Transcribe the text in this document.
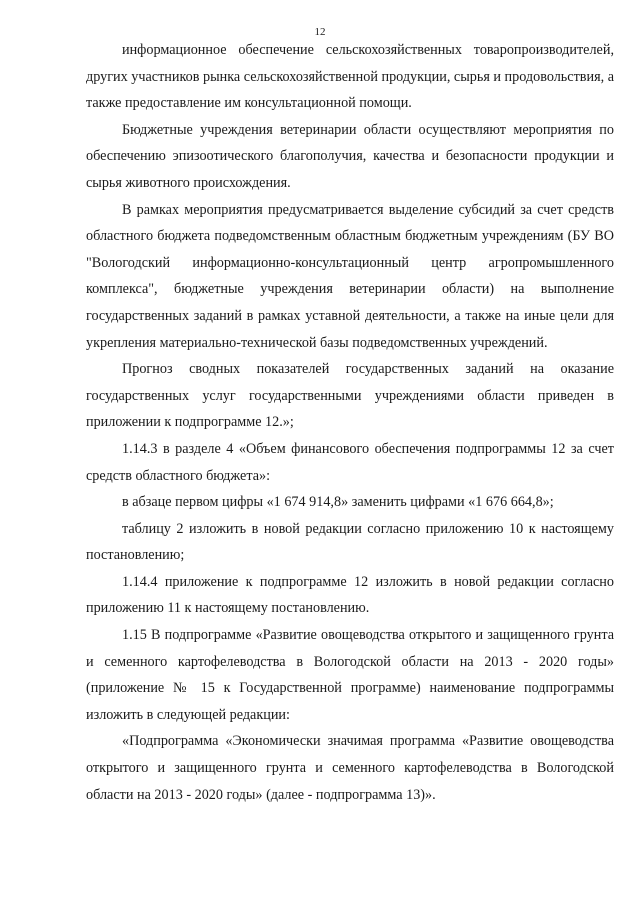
12

информационное обеспечение сельскохозяйственных товаропроизводителей, других участников рынка сельскохозяйственной продукции, сырья и продовольствия, а также предоставление им консультационной помощи.

Бюджетные учреждения ветеринарии области осуществляют мероприятия по обеспечению эпизоотического благополучия, качества и безопасности продукции и сырья животного происхождения.

В рамках мероприятия предусматривается выделение субсидий за счет средств областного бюджета подведомственным областным бюджетным учреждениям (БУ ВО "Вологодский информационно-консультационный центр агропромышленного комплекса", бюджетные учреждения ветеринарии области) на выполнение государственных заданий в рамках уставной деятельности, а также на иные цели для укрепления материально-технической базы подведомственных учреждений.

Прогноз сводных показателей государственных заданий на оказание государственных услуг государственными учреждениями области приведен в приложении к подпрограмме 12.»;

1.14.3 в разделе 4 «Объем финансового обеспечения подпрограммы 12 за счет средств областного бюджета»:

в абзаце первом цифры «1 674 914,8» заменить цифрами «1 676 664,8»;

таблицу 2 изложить в новой редакции согласно приложению 10 к настоящему постановлению;

1.14.4 приложение к подпрограмме 12 изложить в новой редакции согласно приложению 11 к настоящему постановлению.

1.15 В подпрограмме «Развитие овощеводства открытого и защищенного грунта и семенного картофелеводства в Вологодской области на 2013 - 2020 годы» (приложение № 15 к Государственной программе) наименование подпрограммы изложить в следующей редакции:

«Подпрограмма «Экономически значимая программа «Развитие овощеводства открытого и защищенного грунта и семенного картофелеводства в Вологодской области на 2013 - 2020 годы» (далее - подпрограмма 13)».
